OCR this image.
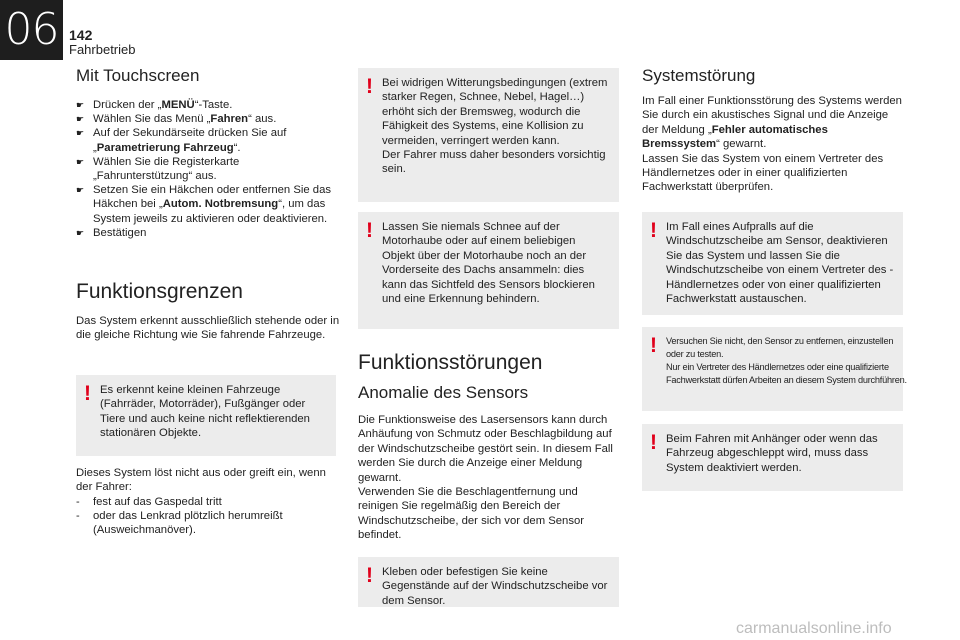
06 142
Fahrbetrieb
Mit Touchscreen
☛ Drücken der „MENÜ“-Taste.
☛ Wählen Sie das Menü „Fahren“ aus.
☛ Auf der Sekundärseite drücken Sie auf „Parametrierung Fahrzeug“.
☛ Wählen Sie die Registerkarte „Fahrunterstützung“ aus.
☛ Setzen Sie ein Häkchen oder entfernen Sie das Häkchen bei „Autom. Notbremsung“, um das System jeweils zu aktivieren oder deaktivieren.
☛ Bestätigen
Funktionsgrenzen

Das System erkennt ausschließlich stehende oder in die gleiche Richtung wie Sie fahrende Fahrzeuge.

! Es erkennt keine kleinen Fahrzeuge (Fahrräder, Motorräder), Fußgänger oder Tiere und auch keine nicht reflektierenden stationären Objekte.

Dieses System löst nicht aus oder greift ein, wenn der Fahrer:

- fest auf das Gaspedal tritt
- oder das Lenkrad plötzlich herumreißt (Ausweichmanöver).
! Bei widrigen Witterungsbedingungen (extrem starker Regen, Schnee, Nebel, Hagel…) erhöht sich der Bremsweg, wodurch die Fähigkeit des Systems, eine Kollision zu vermeiden, verringert werden kann.

Der Fahrer muss daher besonders vorsichtig sein.

! Lassen Sie niemals Schnee auf der Motorhaube oder auf einem beliebigen Objekt über der Motorhaube noch an der Vorderseite des Dachs ansammeln: dies kann das Sichtfeld des Sensors blockieren und eine Erkennung behindern.

Funktionsstörungen
Anomalie des Sensors

Die Funktionsweise des Lasersensors kann durch Anhäufung von Schmutz oder Beschlagbildung auf der Windschutzscheibe gestört sein. In diesem Fall werden Sie durch die Anzeige einer Meldung gewarnt.

Verwenden Sie die Beschlagentfernung und reinigen Sie regelmäßig den Bereich der Windschutzscheibe, der sich vor dem Sensor befindet.

! Kleben oder befestigen Sie keine Gegenstände auf der Windschutzscheibe vor dem Sensor.

Systemstörung

Im Fall einer Funktionsstörung des Systems werden Sie durch ein akustisches Signal und die Anzeige der Meldung „Fehler automatisches Bremssystem“ gewarnt.

Lassen Sie das System von einem Vertreter des Händlernetzes oder in einer qualifizierten Fachwerkstatt überprüfen.

! Im Fall eines Aufpralls auf die Windschutzscheibe am Sensor, deaktivieren Sie das System und lassen Sie die Windschutzscheibe von einem Vertreter des -Händlernetzes oder von einer qualifizierten Fachwerkstatt austauschen.

! Versuchen Sie nicht, den Sensor zu entfernen, einzustellen

oder zu testen.

Nur ein Vertreter des Händlernetzes oder eine qualifizierte

Fachwerkstatt dürfen Arbeiten an diesem System durchführen.

! Beim Fahren mit Anhänger oder wenn das Fahrzeug abgeschleppt wird, muss dass System deaktiviert werden.

carmanualsonline.info
